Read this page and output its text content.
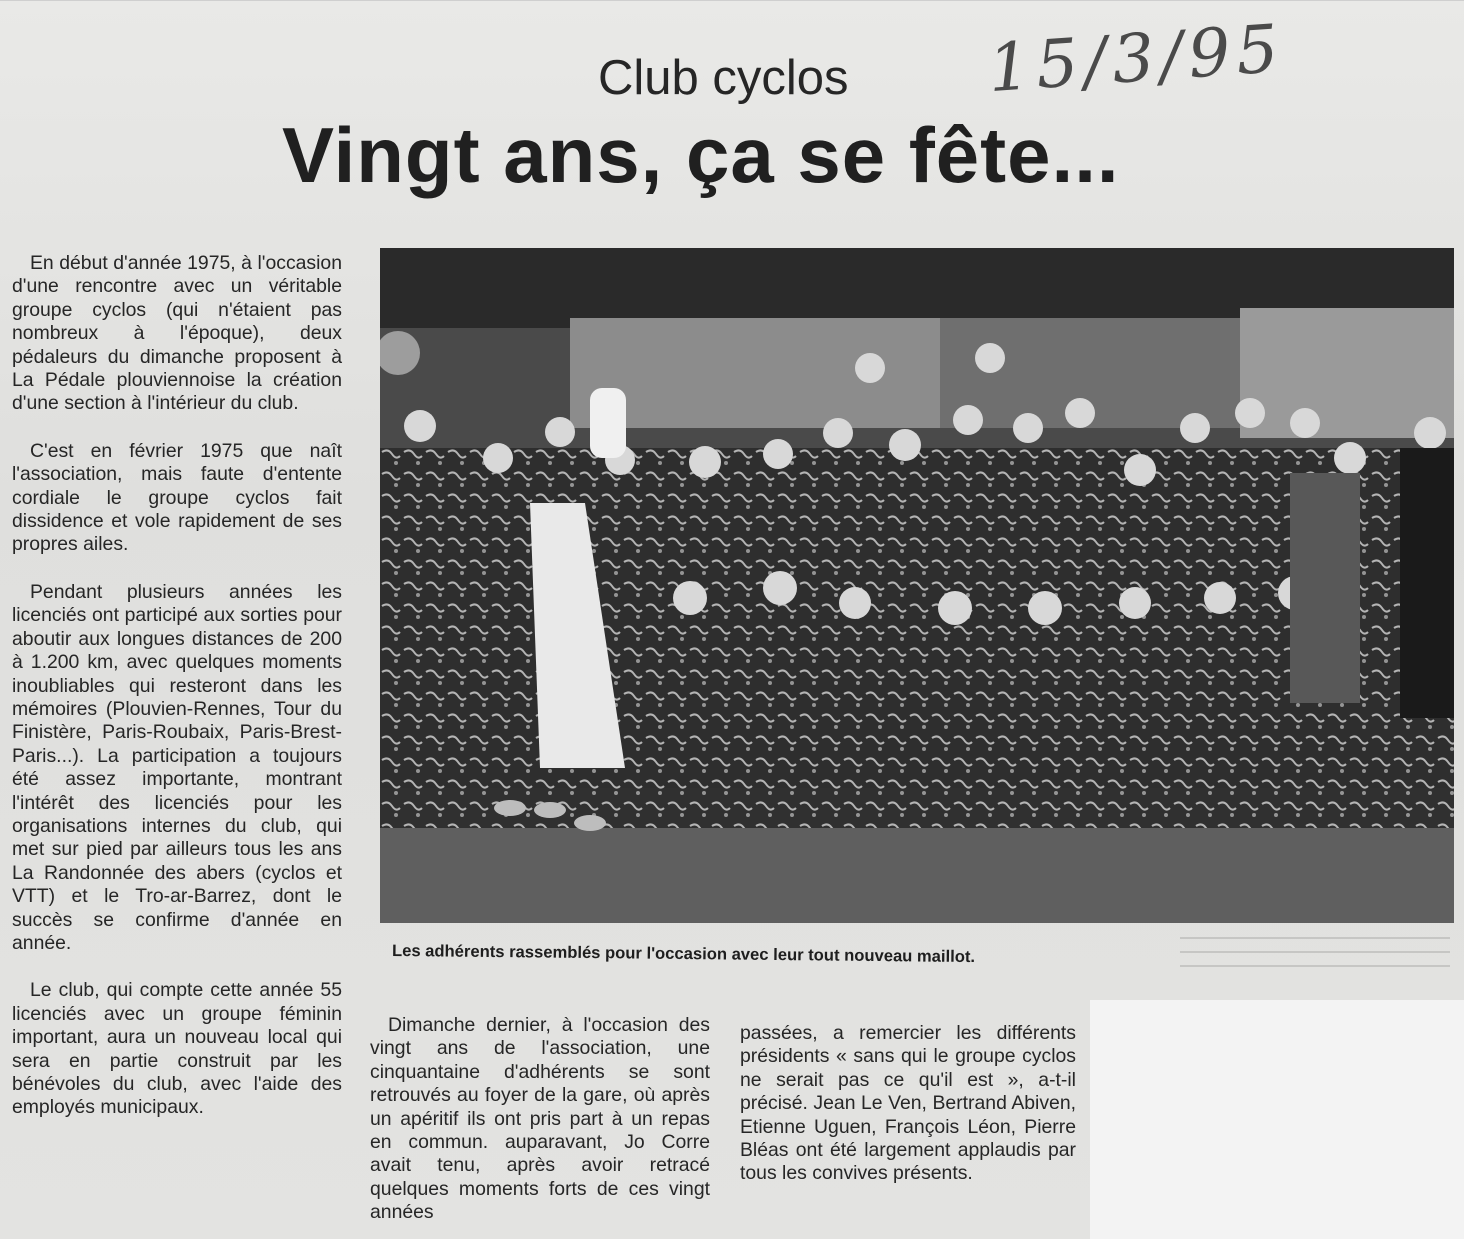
Club cyclos 15/3/95
Vingt ans, ça se fête...

En début d'année 1975, à l'occasion d'une rencontre avec un véritable groupe cyclos (qui n'étaient pas nombreux à l'époque), deux pédaleurs du dimanche proposent à La Pédale plouviennoise la création d'une section à l'intérieur du club.

C'est en février 1975 que naît l'association, mais faute d'entente cordiale le groupe cyclos fait dissidence et vole rapidement de ses propres ailes.

Pendant plusieurs années les licenciés ont participé aux sorties pour aboutir aux longues distances de 200 à 1.200 km, avec quelques moments inoubliables qui resteront dans les mémoires (Plouvien-Rennes, Tour du Finistère, Paris-Roubaix, Paris-Brest-Paris...). La participation a toujours été assez importante, montrant l'intérêt des licenciés pour les organisations internes du club, qui met sur pied par ailleurs tous les ans La Randonnée des abers (cyclos et VTT) et le Tro-ar-Barrez, dont le succès se confirme d'année en année.

Le club, qui compte cette année 55 licenciés avec un groupe féminin important, aura un nouveau local qui sera en partie construit par les bénévoles du club, avec l'aide des employés municipaux.

Les adhérents rassemblés pour l'occasion avec leur tout nouveau maillot.

Dimanche dernier, à l'occasion des vingt ans de l'association, une cinquantaine d'adhérents se sont retrouvés au foyer de la gare, où après un apéritif ils ont pris part à un repas en commun. auparavant, Jo Corre avait tenu, après avoir retracé quelques moments forts de ces vingt années

passées, a remercier les différents présidents « sans qui le groupe cyclos ne serait pas ce qu'il est », a-t-il précisé. Jean Le Ven, Bertrand Abiven, Etienne Uguen, François Léon, Pierre Bléas ont été largement applaudis par tous les convives présents.
